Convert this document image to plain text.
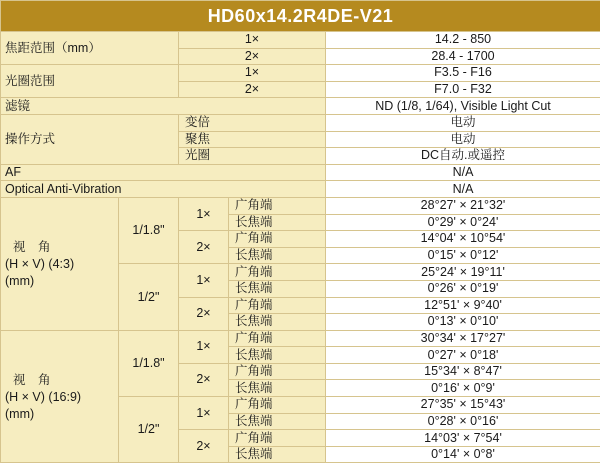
HD60x14.2R4DE-V21				
焦距范围（mm）		1×		14.2 - 850
		2×		28.4 - 1700
光圈范围		1×		F3.5 - F16
		2×		F7.0 - F32
滤镜				ND (1/8, 1/64), Visible Light Cut
操作方式		变倍		电动
		聚焦		电动
		光圈		DC自动.或遥控
AF				N/A
Optical Anti-Vibration				N/A

视　角
(H × V) (4:3)
(mm)	1/1.8"	1×	广角端	28°27' × 21°32'
			长焦端	0°29' × 0°24'
		2×	广角端	14°04' × 10°54'
			长焦端	0°15' × 0°12'
	1/2"	1×	广角端	25°24' × 19°11'
			长焦端	0°26' × 0°19'
		2×	广角端	12°51' × 9°40'
			长焦端	0°13' × 0°10'

视　角
(H × V) (16:9)
(mm)	1/1.8"	1×	广角端	30°34' × 17°27'
			长焦端	0°27' × 0°18'
		2×	广角端	15°34' × 8°47'
			长焦端	0°16' × 0°9'
	1/2"	1×	广角端	27°35' × 15°43'
			长焦端	0°28' × 0°16'
		2×	广角端	14°03' × 7°54'
			长焦端	0°14' × 0°8'
